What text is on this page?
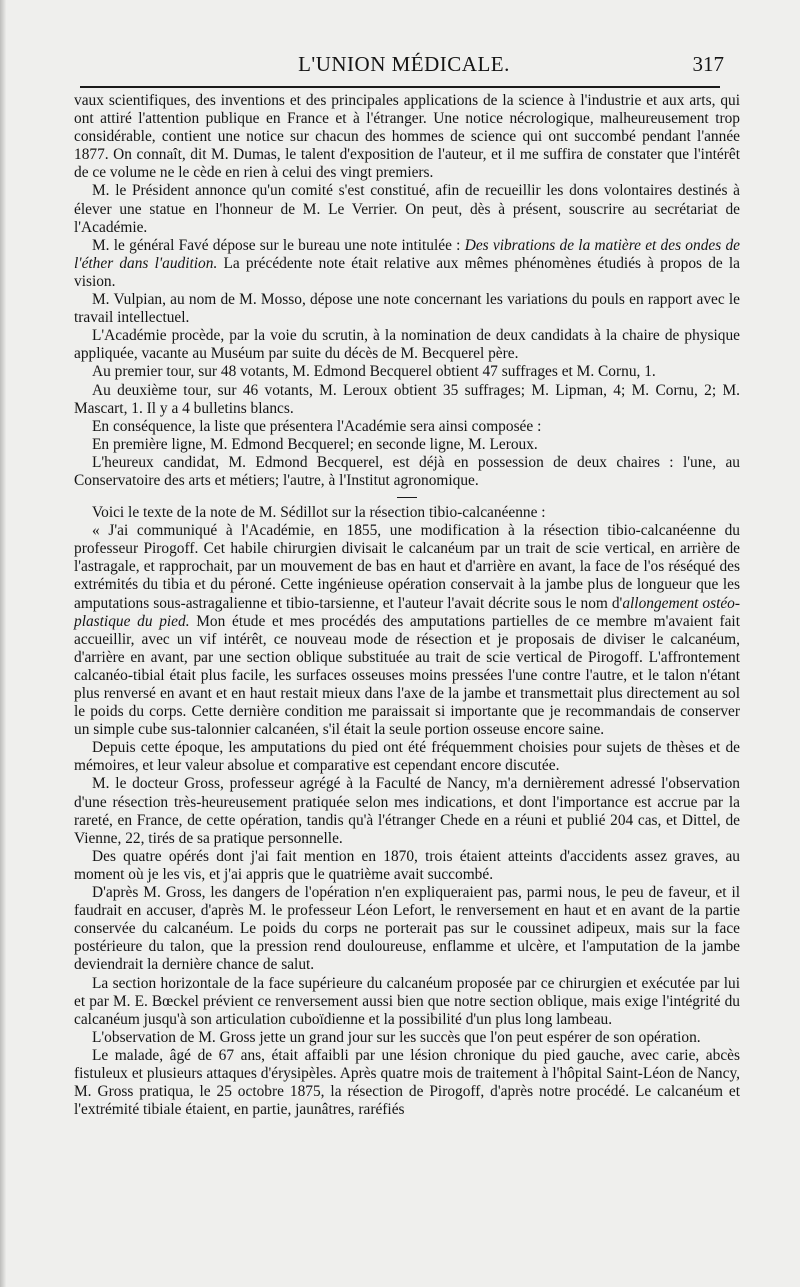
L'UNION MÉDICALE.	317

vaux scientifiques, des inventions et des principales applications de la science à l'industrie et aux arts, qui ont attiré l'attention publique en France et à l'étranger. Une notice nécrologique, malheureusement trop considérable, contient une notice sur chacun des hommes de science qui ont succombé pendant l'année 1877. On connaît, dit M. Dumas, le talent d'exposition de l'auteur, et il me suffira de constater que l'intérêt de ce volume ne le cède en rien à celui des vingt premiers.

M. le Président annonce qu'un comité s'est constitué, afin de recueillir les dons volontaires destinés à élever une statue en l'honneur de M. Le Verrier. On peut, dès à présent, souscrire au secrétariat de l'Académie.

M. le général Favé dépose sur le bureau une note intitulée : Des vibrations de la matière et des ondes de l'éther dans l'audition. La précédente note était relative aux mêmes phénomènes étudiés à propos de la vision.

M. Vulpian, au nom de M. Mosso, dépose une note concernant les variations du pouls en rapport avec le travail intellectuel.

L'Académie procède, par la voie du scrutin, à la nomination de deux candidats à la chaire de physique appliquée, vacante au Muséum par suite du décès de M. Becquerel père.

Au premier tour, sur 48 votants, M. Edmond Becquerel obtient 47 suffrages et M. Cornu, 1.

Au deuxième tour, sur 46 votants, M. Leroux obtient 35 suffrages; M. Lipman, 4; M. Cornu, 2; M. Mascart, 1. Il y a 4 bulletins blancs.

En conséquence, la liste que présentera l'Académie sera ainsi composée :

En première ligne, M. Edmond Becquerel; en seconde ligne, M. Leroux.

L'heureux candidat, M. Edmond Becquerel, est déjà en possession de deux chaires : l'une, au Conservatoire des arts et métiers; l'autre, à l'Institut agronomique.

Voici le texte de la note de M. Sédillot sur la résection tibio-calcanéenne :

« J'ai communiqué à l'Académie, en 1855, une modification à la résection tibio-calcanéenne du professeur Pirogoff. Cet habile chirurgien divisait le calcanéum par un trait de scie vertical, en arrière de l'astragale, et rapprochait, par un mouvement de bas en haut et d'arrière en avant, la face de l'os réséqué des extrémités du tibia et du péroné. Cette ingénieuse opération conservait à la jambe plus de longueur que les amputations sous-astragalienne et tibio-tarsienne, et l'auteur l'avait décrite sous le nom d'allongement ostéo-plastique du pied. Mon étude et mes procédés des amputations partielles de ce membre m'avaient fait accueillir, avec un vif intérêt, ce nouveau mode de résection et je proposais de diviser le calcanéum, d'arrière en avant, par une section oblique substituée au trait de scie vertical de Pirogoff. L'affrontement calcanéo-tibial était plus facile, les surfaces osseuses moins pressées l'une contre l'autre, et le talon n'étant plus renversé en avant et en haut restait mieux dans l'axe de la jambe et transmettait plus directement au sol le poids du corps. Cette dernière condition me paraissait si importante que je recommandais de conserver un simple cube sus-talonnier calcanéen, s'il était la seule portion osseuse encore saine.

Depuis cette époque, les amputations du pied ont été fréquemment choisies pour sujets de thèses et de mémoires, et leur valeur absolue et comparative est cependant encore discutée.

M. le docteur Gross, professeur agrégé à la Faculté de Nancy, m'a dernièrement adressé l'observation d'une résection très-heureusement pratiquée selon mes indications, et dont l'importance est accrue par la rareté, en France, de cette opération, tandis qu'à l'étranger Chede en a réuni et publié 204 cas, et Dittel, de Vienne, 22, tirés de sa pratique personnelle.

Des quatre opérés dont j'ai fait mention en 1870, trois étaient atteints d'accidents assez graves, au moment où je les vis, et j'ai appris que le quatrième avait succombé.

D'après M. Gross, les dangers de l'opération n'en expliqueraient pas, parmi nous, le peu de faveur, et il faudrait en accuser, d'après M. le professeur Léon Lefort, le renversement en haut et en avant de la partie conservée du calcanéum. Le poids du corps ne porterait pas sur le coussinet adipeux, mais sur la face postérieure du talon, que la pression rend douloureuse, enflamme et ulcère, et l'amputation de la jambe deviendrait la dernière chance de salut.

La section horizontale de la face supérieure du calcanéum proposée par ce chirurgien et exécutée par lui et par M. E. Bœckel prévient ce renversement aussi bien que notre section oblique, mais exige l'intégrité du calcanéum jusqu'à son articulation cuboïdienne et la possibilité d'un plus long lambeau.

L'observation de M. Gross jette un grand jour sur les succès que l'on peut espérer de son opération.

Le malade, âgé de 67 ans, était affaibli par une lésion chronique du pied gauche, avec carie, abcès fistuleux et plusieurs attaques d'érysipèles. Après quatre mois de traitement à l'hôpital Saint-Léon de Nancy, M. Gross pratiqua, le 25 octobre 1875, la résection de Pirogoff, d'après notre procédé. Le calcanéum et l'extrémité tibiale étaient, en partie, jaunâtres, raréfiés
